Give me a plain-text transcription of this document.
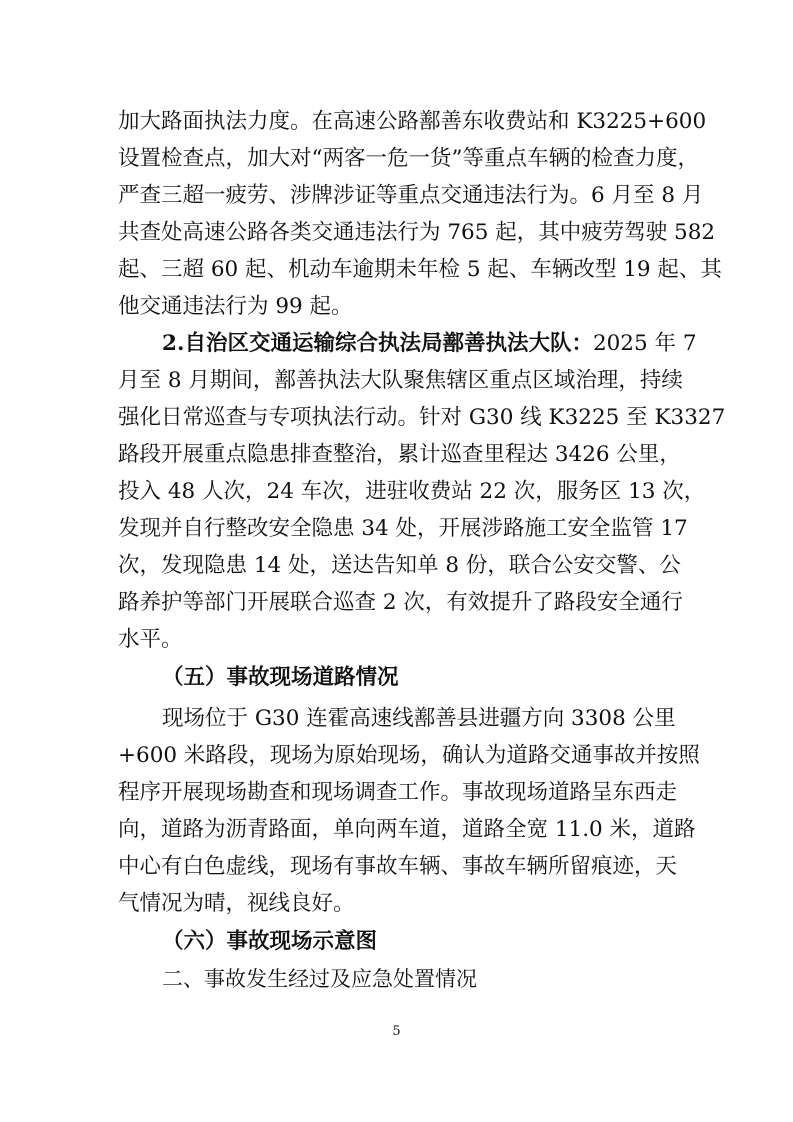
加大路面执法力度。在高速公路鄯善东收费站和 K3225+600
设置检查点，加大对“两客一危一货”等重点车辆的检查力度，
严查三超一疲劳、涉牌涉证等重点交通违法行为。6 月至 8 月
共查处高速公路各类交通违法行为 765 起，其中疲劳驾驶 582
起、三超 60 起、机动车逾期未年检 5 起、车辆改型 19 起、其
他交通违法行为 99 起。
2.自治区交通运输综合执法局鄯善执法大队：2025 年 7
月至 8 月期间，鄯善执法大队聚焦辖区重点区域治理，持续
强化日常巡查与专项执法行动。针对 G30 线 K3225 至 K3327
路段开展重点隐患排查整治，累计巡查里程达 3426 公里，
投入 48 人次，24 车次，进驻收费站 22 次，服务区 13 次，
发现并自行整改安全隐患 34 处，开展涉路施工安全监管 17
次，发现隐患 14 处，送达告知单 8 份，联合公安交警、公
路养护等部门开展联合巡查 2 次，有效提升了路段安全通行
水平。
（五）事故现场道路情况
现场位于 G30 连霍高速线鄯善县进疆方向 3308 公里
+600 米路段，现场为原始现场，确认为道路交通事故并按照
程序开展现场勘查和现场调查工作。事故现场道路呈东西走
向，道路为沥青路面，单向两车道，道路全宽 11.0 米，道路
中心有白色虚线，现场有事故车辆、事故车辆所留痕迹，天
气情况为晴，视线良好。
（六）事故现场示意图
二、事故发生经过及应急处置情况
5
